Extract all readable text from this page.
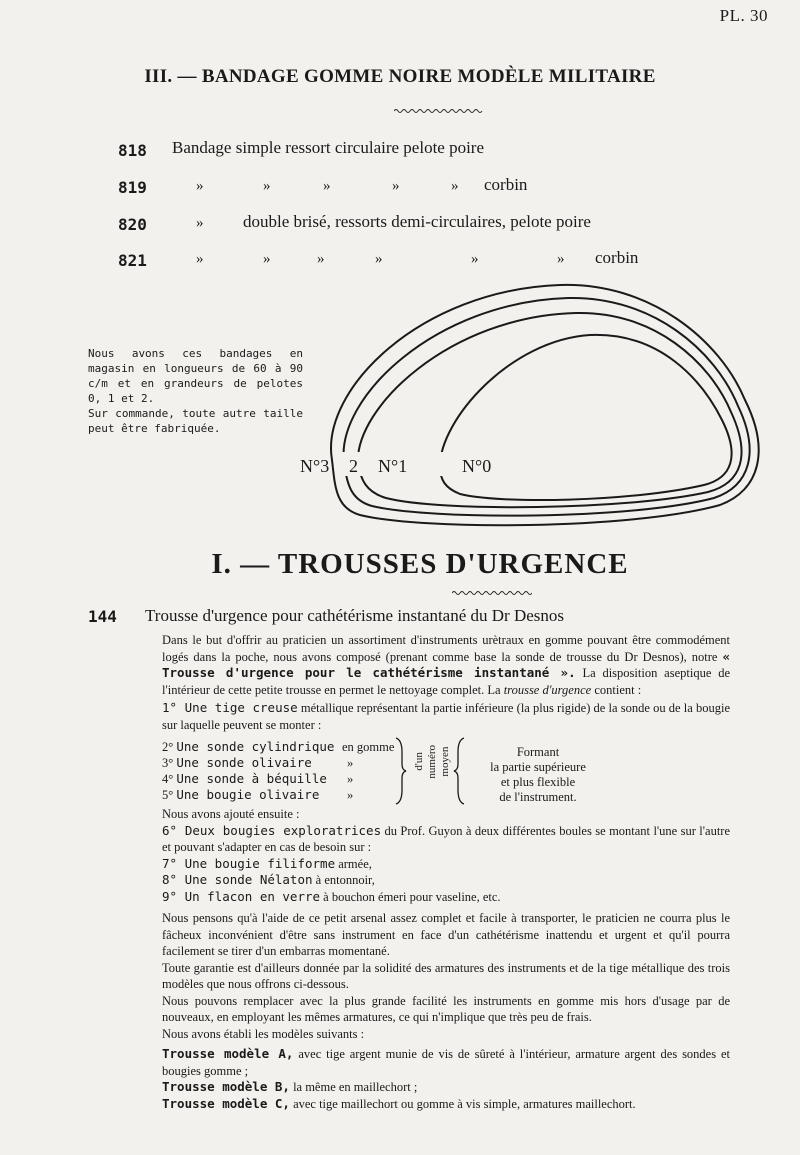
PL. 30
III. — BANDAGE GOMME NOIRE MODÈLE MILITAIRE
818 Bandage simple ressort circulaire pelote poire
819	»	»	»	»	» corbin
820	» double brisé, ressorts demi-circulaires, pelote poire
821	»	»	»	»	»	» corbin

Nous avons ces bandages en magasin en longueurs de 60 à 90 c/m et en grandeurs de pelotes 0, 1 et 2.

Sur commande, toute autre taille peut être fabriquée.

N°3 2 N°1	N°0
I. — TROUSSES D'URGENCE
144 Trousse d'urgence pour cathétérisme instantané du Dr Desnos

Dans le but d'offrir au praticien un assortiment d'instruments urètraux en gomme pouvant être commodément logés dans la poche, nous avons composé (prenant comme base la sonde de trousse du Dr Desnos), notre « Trousse d'urgence pour le cathétérisme instantané ». La disposition aseptique de l'intérieur de cette petite trousse en permet le nettoyage complet. La trousse d'urgence contient :

1° Une tige creuse métallique représentant la partie inférieure (la plus rigide) de la sonde ou de la bougie sur laquelle peuvent se monter :

2° Une sonde cylindrique en gomme
3° Une sonde olivaire	»
4° Une sonde à béquille »
5° Une bougie olivaire »
d'un numéro moyen	Formant
la partie supérieure
et plus flexible
de l'instrument.

Nous avons ajouté ensuite :

6° Deux bougies exploratrices du Prof. Guyon à deux différentes boules se montant l'une sur l'autre et pouvant s'adapter en cas de besoin sur :

7° Une bougie filiforme armée,

8° Une sonde Nélaton à entonnoir,

9° Un flacon en verre à bouchon émeri pour vaseline, etc.

Nous pensons qu'à l'aide de ce petit arsenal assez complet et facile à transporter, le praticien ne courra plus le fâcheux inconvénient d'être sans instrument en face d'un cathétérisme inattendu et urgent et qu'il pourra facilement se tirer d'un embarras momentané.

Toute garantie est d'ailleurs donnée par la solidité des armatures des instruments et de la tige métallique des trois modèles que nous offrons ci-dessous.

Nous pouvons remplacer avec la plus grande facilité les instruments en gomme mis hors d'usage par de nouveaux, en employant les mêmes armatures, ce qui n'implique que très peu de frais.

Nous avons établi les modèles suivants :

Trousse modèle A, avec tige argent munie de vis de sûreté à l'intérieur, armature argent des sondes et bougies gomme ;

Trousse modèle B, la même en maillechort ;

Trousse modèle C, avec tige maillechort ou gomme à vis simple, armatures maillechort.
